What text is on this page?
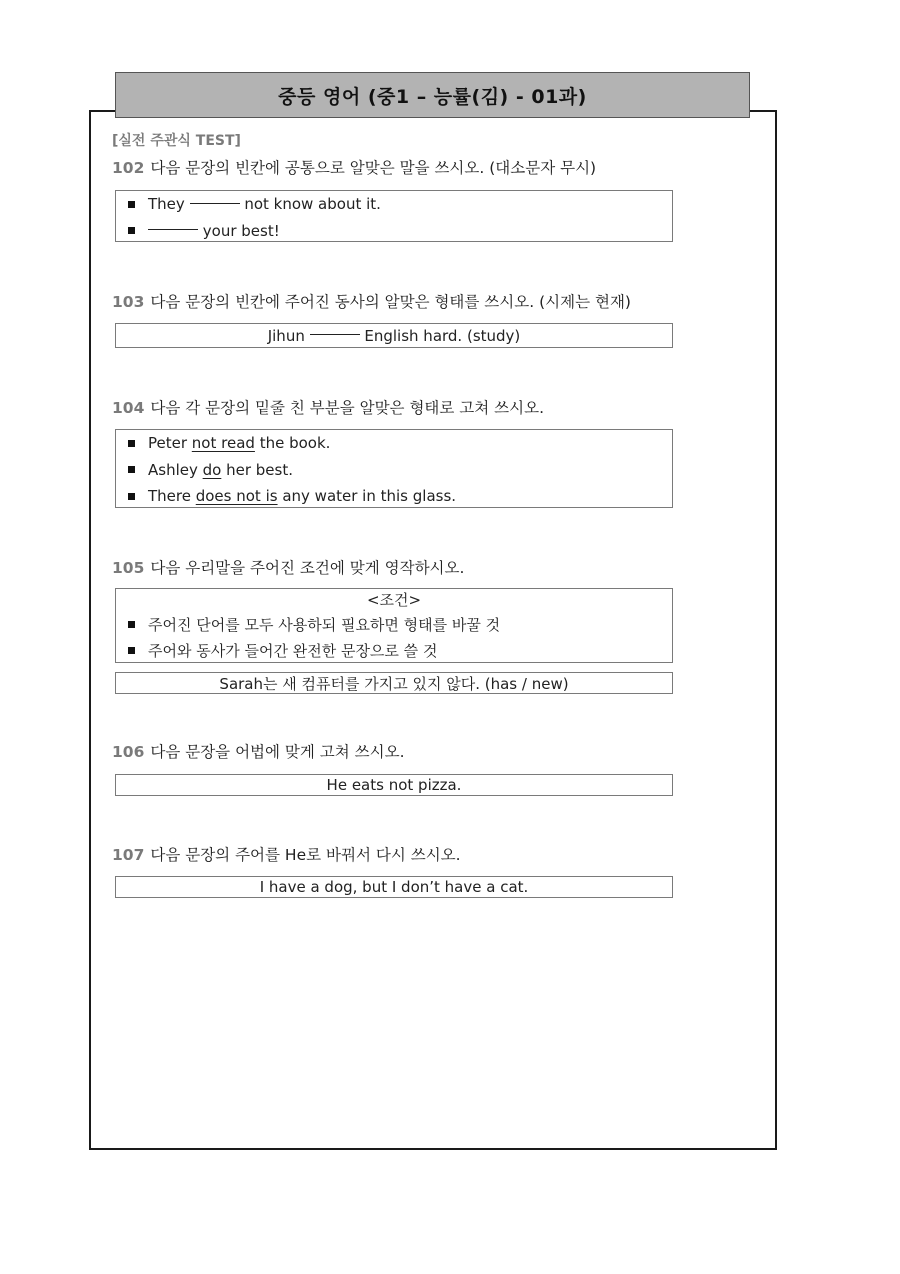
중등 영어 (중1 – 능률(김) - 01과)
[실전 주관식 TEST]
102 다음 문장의 빈칸에 공통으로 알맞은 말을 쓰시오. (대소문자 무시)
They	not know about it.
your best!
103 다음 문장의 빈칸에 주어진 동사의 알맞은 형태를 쓰시오. (시제는 현재)
Jihun	English hard. (study)
104 다음 각 문장의 밑줄 친 부분을 알맞은 형태로 고쳐 쓰시오.
Peter not read the book.
Ashley do her best.
There does not is any water in this glass.
105 다음 우리말을 주어진 조건에 맞게 영작하시오.
<조건>
주어진 단어를 모두 사용하되 필요하면 형태를 바꿀 것
주어와 동사가 들어간 완전한 문장으로 쓸 것
Sarah는 새 컴퓨터를 가지고 있지 않다. (has / new)
106 다음 문장을 어법에 맞게 고쳐 쓰시오.
He eats not pizza.
107 다음 문장의 주어를 He로 바꿔서 다시 쓰시오.
I have a dog, but I don’t have a cat.
